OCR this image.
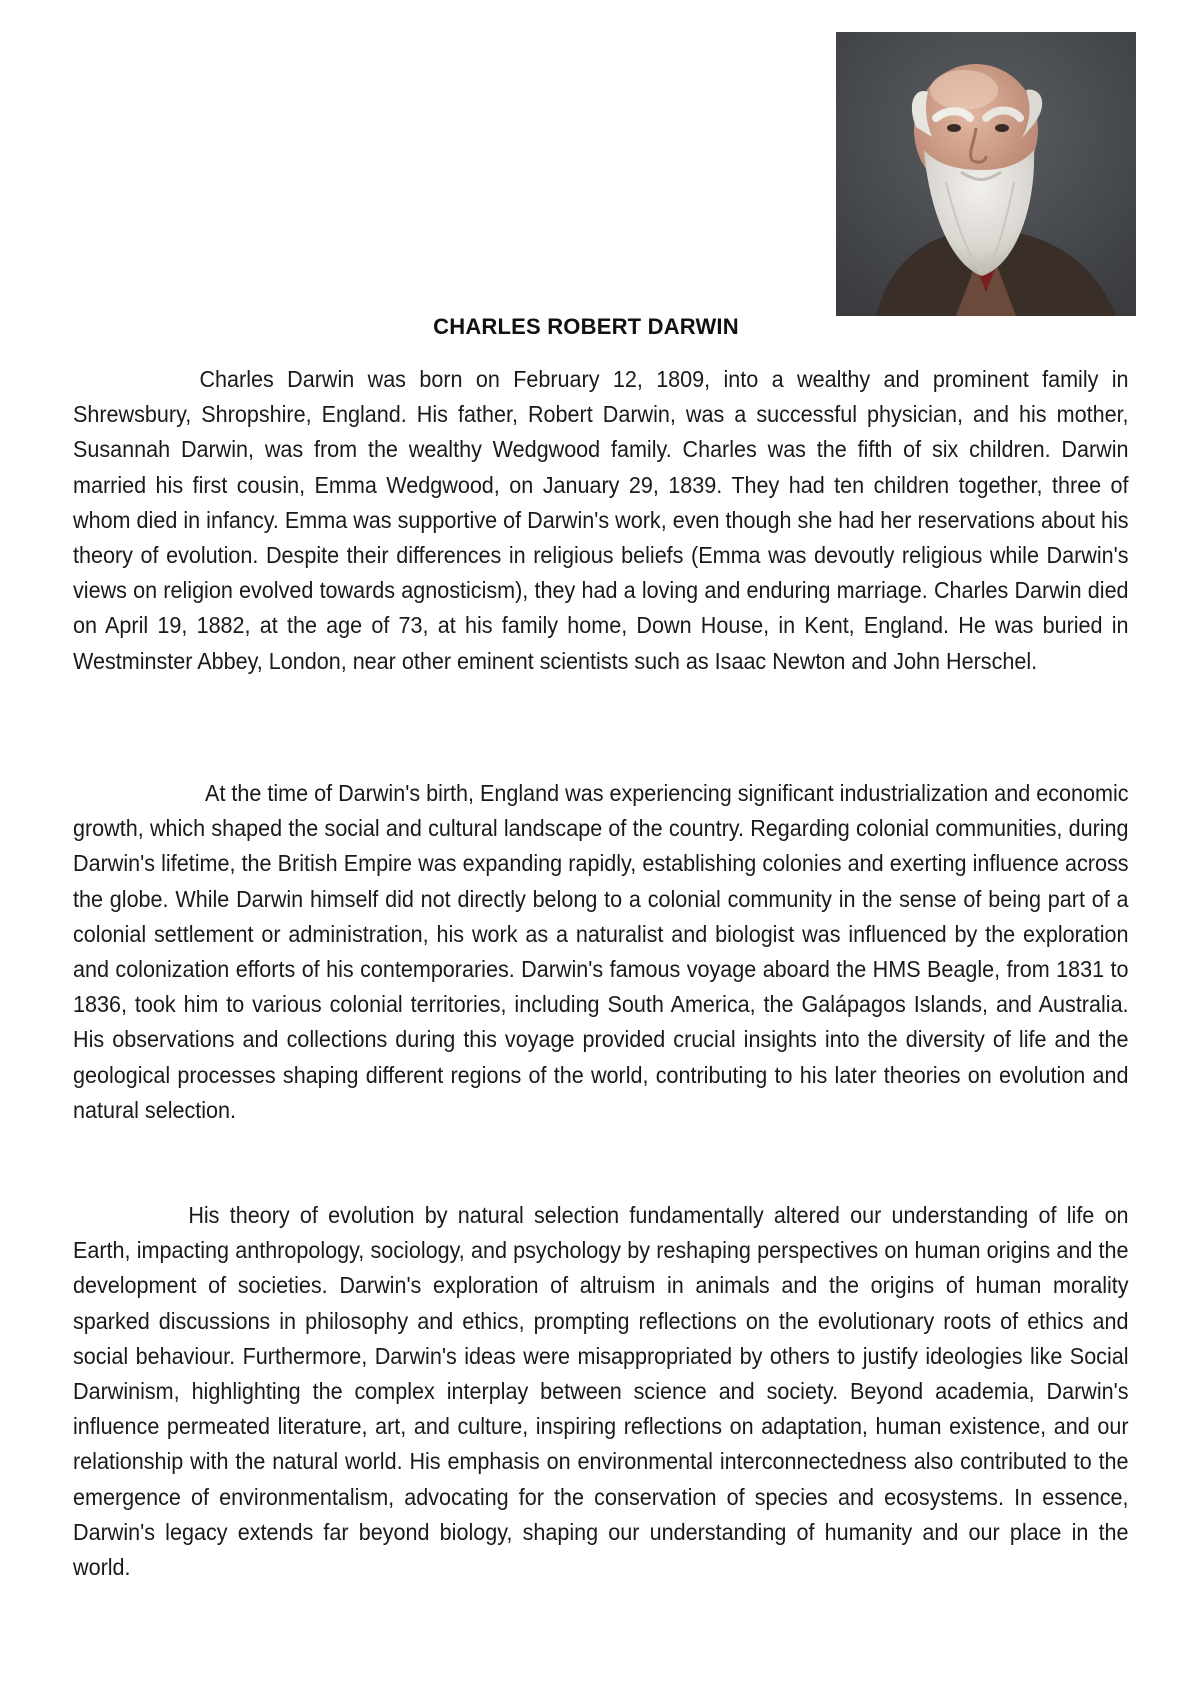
CHARLES ROBERT DARWIN

Charles Darwin was born on February 12, 1809, into a wealthy and prominent family in Shrewsbury, Shropshire, England. His father, Robert Darwin, was a successful physician, and his mother, Susannah Darwin, was from the wealthy Wedgwood family. Charles was the fifth of six children. Darwin married his first cousin, Emma Wedgwood, on January 29, 1839. They had ten children together, three of whom died in infancy. Emma was supportive of Darwin's work, even though she had her reservations about his theory of evolution. Despite their differences in religious beliefs (Emma was devoutly religious while Darwin's views on religion evolved towards agnosticism), they had a loving and enduring marriage. Charles Darwin died on April 19, 1882, at the age of 73, at his family home, Down House, in Kent, England. He was buried in Westminster Abbey, London, near other eminent scientists such as Isaac Newton and John Herschel.

At the time of Darwin's birth, England was experiencing significant industrialization and economic growth, which shaped the social and cultural landscape of the country. Regarding colonial communities, during Darwin's lifetime, the British Empire was expanding rapidly, establishing colonies and exerting influence across the globe. While Darwin himself did not directly belong to a colonial community in the sense of being part of a colonial settlement or administration, his work as a naturalist and biologist was influenced by the exploration and colonization efforts of his contemporaries. Darwin's famous voyage aboard the HMS Beagle, from 1831 to 1836, took him to various colonial territories, including South America, the Galápagos Islands, and Australia. His observations and collections during this voyage provided crucial insights into the diversity of life and the geological processes shaping different regions of the world, contributing to his later theories on evolution and natural selection.

His theory of evolution by natural selection fundamentally altered our understanding of life on Earth, impacting anthropology, sociology, and psychology by reshaping perspectives on human origins and the development of societies. Darwin's exploration of altruism in animals and the origins of human morality sparked discussions in philosophy and ethics, prompting reflections on the evolutionary roots of ethics and social behaviour. Furthermore, Darwin's ideas were misappropriated by others to justify ideologies like Social Darwinism, highlighting the complex interplay between science and society. Beyond academia, Darwin's influence permeated literature, art, and culture, inspiring reflections on adaptation, human existence, and our relationship with the natural world. His emphasis on environmental interconnectedness also contributed to the emergence of environmentalism, advocating for the conservation of species and ecosystems. In essence, Darwin's legacy extends far beyond biology, shaping our understanding of humanity and our place in the world.
